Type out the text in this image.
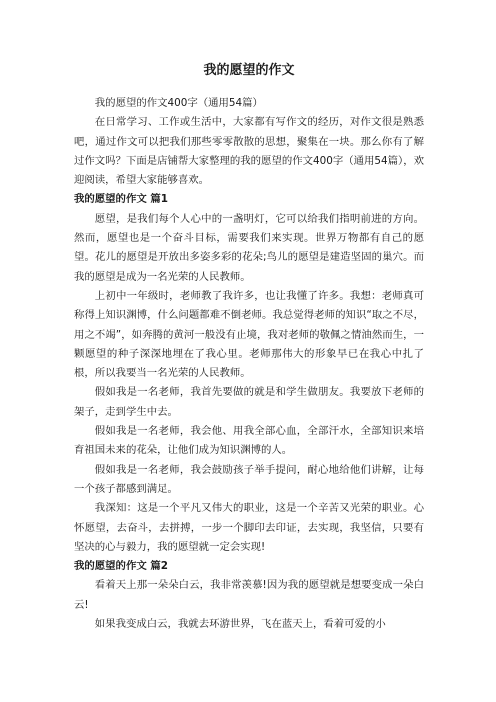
我的愿望的作文

我的愿望的作文400字（通用54篇）

在日常学习、工作或生活中，大家都有写作文的经历，对作文很是熟悉吧，通过作文可以把我们那些零零散散的思想，聚集在一块。那么你有了解过作文吗？下面是店铺帮大家整理的我的愿望的作文400字（通用54篇），欢迎阅读，希望大家能够喜欢。

我的愿望的作文 篇1

愿望，是我们每个人心中的一盏明灯，它可以给我们指明前进的方向。然而，愿望也是一个奋斗目标，需要我们来实现。世界万物都有自己的愿望。花儿的愿望是开放出多姿多彩的花朵;鸟儿的愿望是建造坚固的巢穴。而我的愿望是成为一名光荣的人民教师。

上初中一年级时，老师教了我许多，也让我懂了许多。我想：老师真可称得上知识渊博，什么问题都难不倒老师。我总觉得老师的知识“取之不尽，用之不竭”，如奔腾的黄河一般没有止境，我对老师的敬佩之情油然而生，一颗愿望的种子深深地埋在了我心里。老师那伟大的形象早已在我心中扎了根，所以我要当一名光荣的人民教师。

假如我是一名老师，我首先要做的就是和学生做朋友。我要放下老师的架子，走到学生中去。

假如我是一名老师，我会他、用我全部心血，全部汗水，全部知识来培育祖国未来的花朵，让他们成为知识渊博的人。

假如我是一名老师，我会鼓励孩子举手提问，耐心地给他们讲解，让每一个孩子都感到满足。

我深知：这是一个平凡又伟大的职业，这是一个辛苦又光荣的职业。心怀愿望，去奋斗，去拼搏，一步一个脚印去印证，去实现，我坚信，只要有坚决的心与毅力，我的愿望就一定会实现!

我的愿望的作文 篇2

看着天上那一朵朵白云，我非常羡慕!因为我的愿望就是想要变成一朵白云!

如果我变成白云，我就去环游世界，飞在蓝天上，看着可爱的小
